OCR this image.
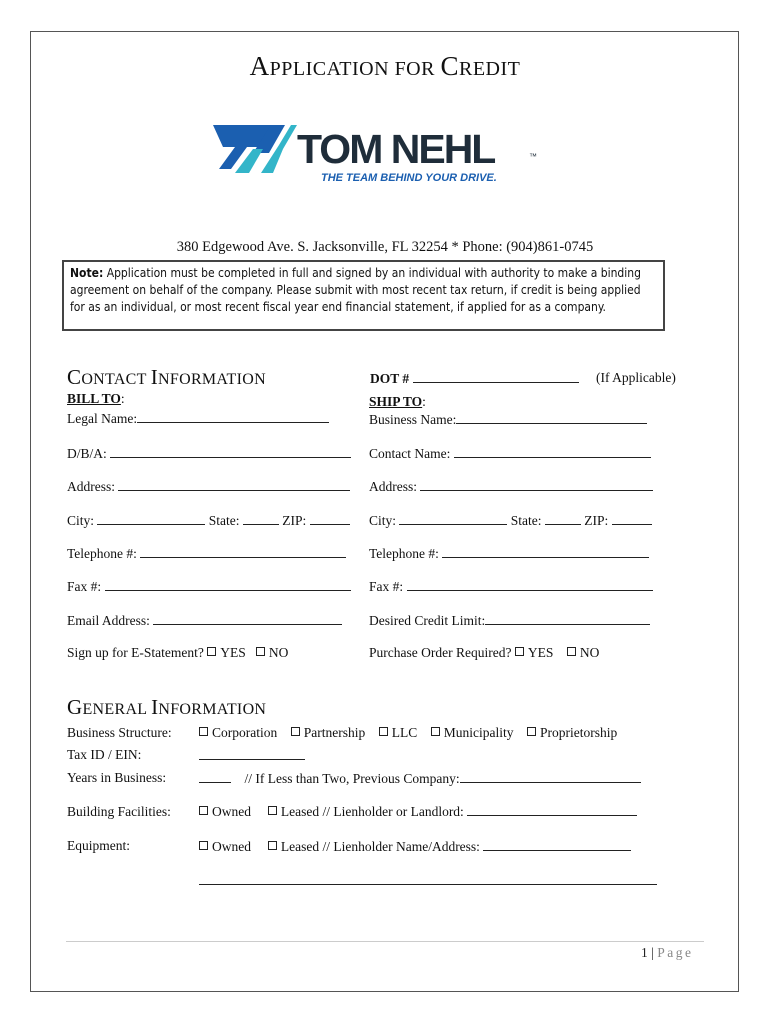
APPLICATION FOR CREDIT
TOM NEHL	™
THE TEAM BEHIND YOUR DRIVE.
380 Edgewood Ave. S. Jacksonville, FL 32254 * Phone: (904)861-0745
Note: Application must be completed in full and signed by an individual with authority to make a binding agreement on behalf of the company. Please submit with most recent tax return, if credit is being applied for as an individual, or most recent fiscal year end financial statement, if applied for as a company.
CONTACT INFORMATION	DOT #	(If Applicable)
BILL TO:	SHIP TO:
Legal Name:	Business Name:
D/B/A:	Contact Name:
Address:	Address:
City:	State:	ZIP:	City:	State:	ZIP:
Telephone #:	Telephone #:
Fax #:	Fax #:
Email Address:	Desired Credit Limit:
Sign up for E-Statement? YES NO	Purchase Order Required? YES NO
GENERAL INFORMATION
Business Structure:	Corporation Partnership LLC Municipality Proprietorship
Tax ID / EIN:
Years in Business:	// If Less than Two, Previous Company:
Building Facilities:	Owned Leased // Lienholder or Landlord:
Equipment:	Owned Leased // Lienholder Name/Address:
1 | Page
